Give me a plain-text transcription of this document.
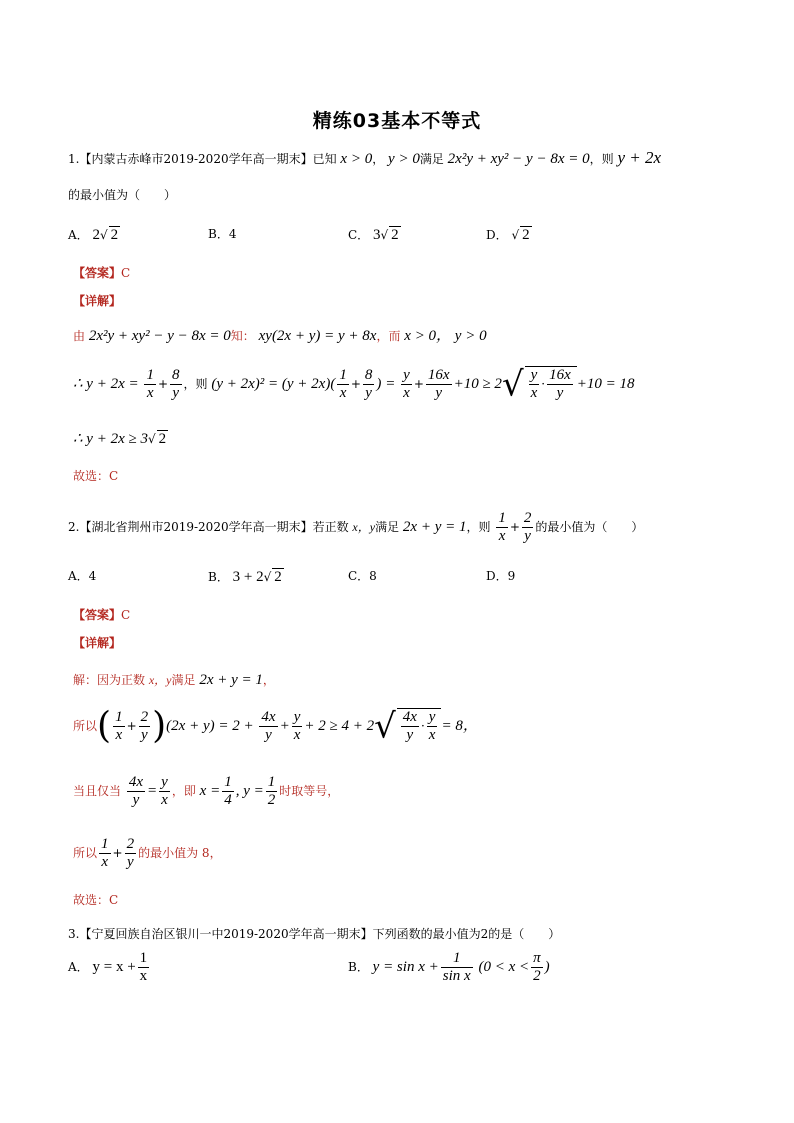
精练03基本不等式
1.【内蒙古赤峰市2019-2020学年高一期末】已知 x > 0， y > 0满足 2x²y + xy² − y − 8x = 0，则 y + 2x
的最小值为（　　）
A． 2√ 2	B．4	C． 3√ 2	D． √ 2
【答案】C
【详解】
由 2x²y + xy² − y − 8x = 0知： xy(2x + y) = y + 8x，而 x > 0， y > 0
∴ $y + 2x = \frac{1}{x} + \frac{8}{y}$ ，则 $(y + 2x)^2 = (y + 2x)( \frac{1}{x} + \frac{8}{y}$ ) = $\frac{y}{x} + \frac{16x}{y} +10 \ge 2√ \frac{y}{x} \cdot \frac{16x}{y} +10 = 18$
∴ y + 2x ≥ 3√ 2
故选：C
2.【湖北省荆州市2019-2020学年高一期末】若正数 x，y满足 2x + y = 1，则 $\frac{1}{x} + \frac{2}{y}$ 的最小值为（　　）
A．4	B． 3 + 2√ 2	C．8	D．9
【答案】C
【详解】
解：因为正数 x，y满足 2x + y = 1，
所以( $\frac{1}{x} + \frac{2}{y} )(2x + y) = 2 + \frac{4x}{y} + \frac{y}{x} + 2 \ge 4 + 2√ \frac{4x}{y} \cdot \frac{y}{x} = 8$，
当且仅当 $\frac{4x}{y} = \frac{y}{x}$ ，即 $x = \frac{1}{4}$ , $y = \frac{1}{2}$ 时取等号，
所以 $\frac{1}{x} + \frac{2}{y}$ 的最小值为 8，
故选：C
3.【宁夏回族自治区银川一中2019-2020学年高一期末】下列函数的最小值为2的是（　　）
A． $y = x + \frac{1}{x}$	B． $y = \sin x + \frac{1}{\text{sin x}} (0 < x < \frac{\pi}{2}$ )
